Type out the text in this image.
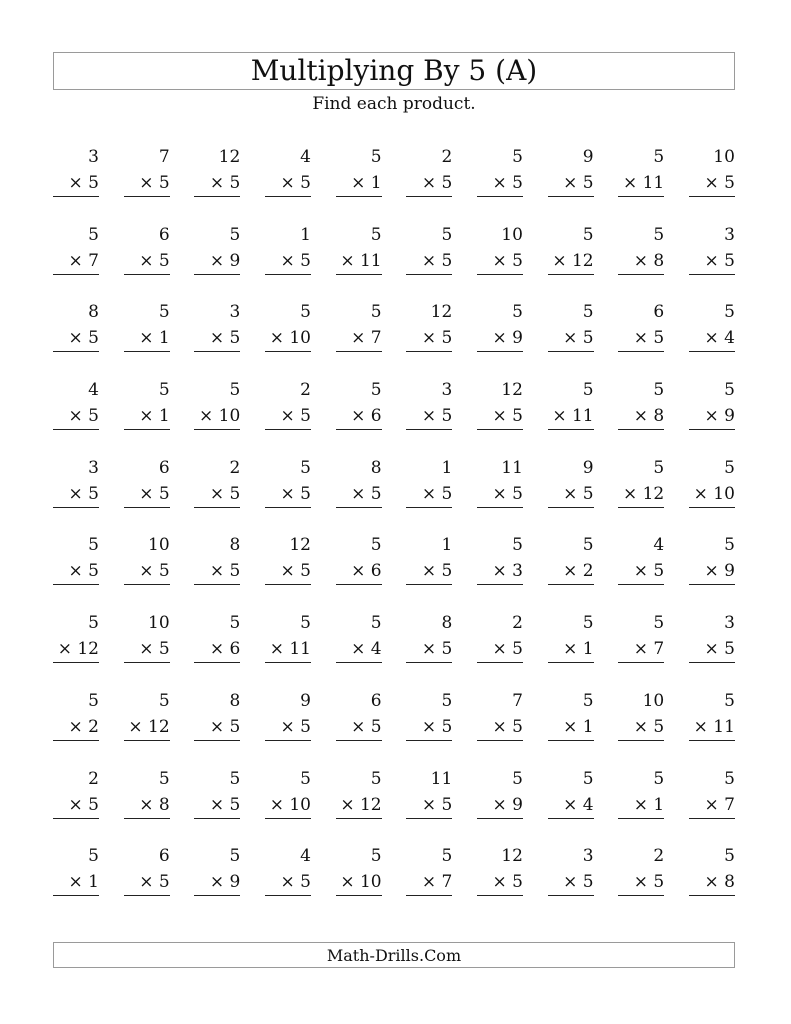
Multiplying By 5 (A)
Find each product.
3
× 5
7
× 5
12
× 5
4
× 5
5
× 1
2
× 5
5
× 5
9
× 5
5
× 11
10
× 5
5
× 7
6
× 5
5
× 9
1
× 5
5
× 11
5
× 5
10
× 5
5
× 12
5
× 8
3
× 5
8
× 5
5
× 1
3
× 5
5
× 10
5
× 7
12
× 5
5
× 9
5
× 5
6
× 5
5
× 4
4
× 5
5
× 1
5
× 10
2
× 5
5
× 6
3
× 5
12
× 5
5
× 11
5
× 8
5
× 9
3
× 5
6
× 5
2
× 5
5
× 5
8
× 5
1
× 5
11
× 5
9
× 5
5
× 12
5
× 10
5
× 5
10
× 5
8
× 5
12
× 5
5
× 6
1
× 5
5
× 3
5
× 2
4
× 5
5
× 9
5
× 12
10
× 5
5
× 6
5
× 11
5
× 4
8
× 5
2
× 5
5
× 1
5
× 7
3
× 5
5
× 2
5
× 12
8
× 5
9
× 5
6
× 5
5
× 5
7
× 5
5
× 1
10
× 5
5
× 11
2
× 5
5
× 8
5
× 5
5
× 10
5
× 12
11
× 5
5
× 9
5
× 4
5
× 1
5
× 7
5
× 1
6
× 5
5
× 9
4
× 5
5
× 10
5
× 7
12
× 5
3
× 5
2
× 5
5
× 8
Math-Drills.Com
